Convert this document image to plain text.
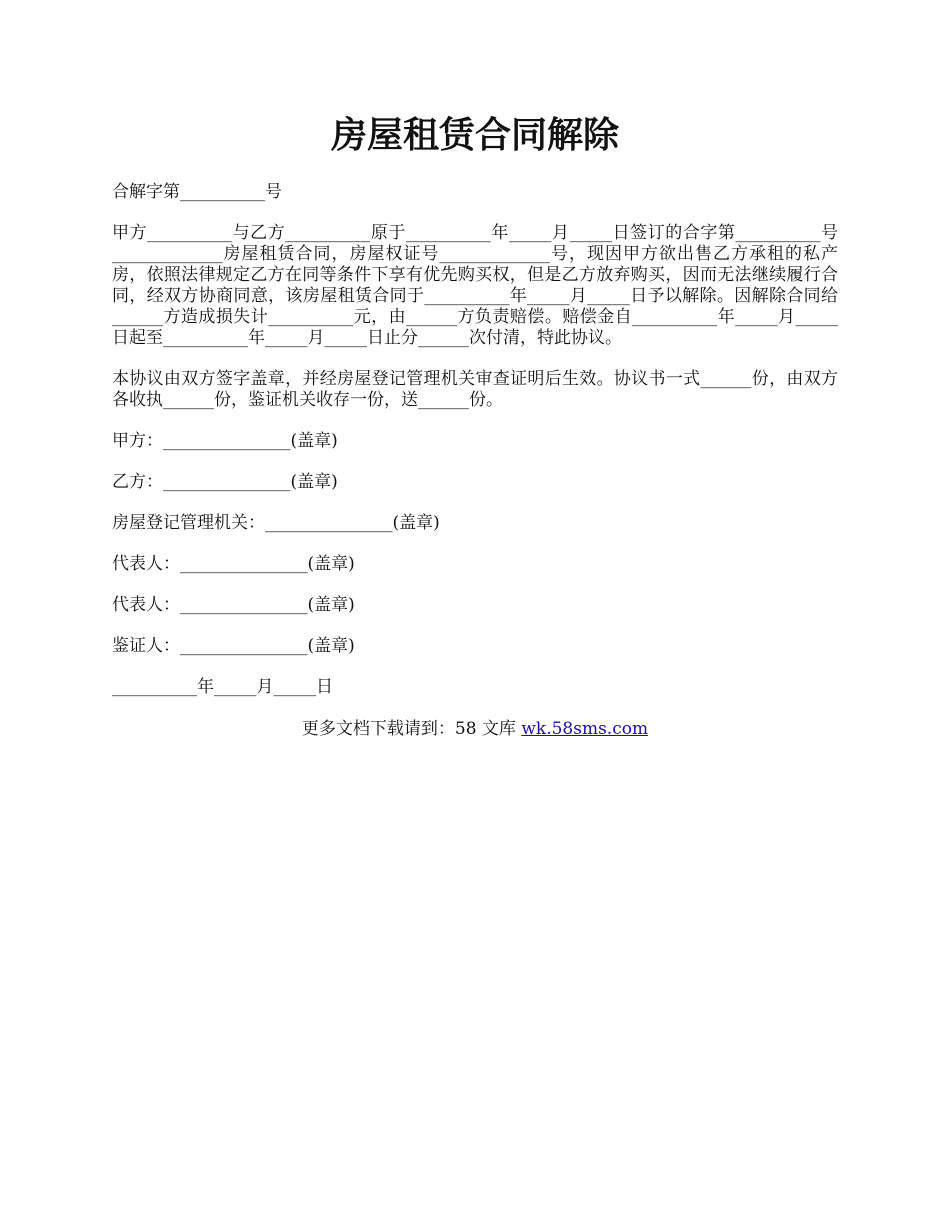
房屋租赁合同解除
合解字第__________号
甲方__________与乙方__________原于__________年_____月_____日签订的合字第__________号_____________房屋租赁合同，房屋权证号_____________号，现因甲方欲出售乙方承租的私产房，依照法律规定乙方在同等条件下享有优先购买权，但是乙方放弃购买，因而无法继续履行合同，经双方协商同意，该房屋租赁合同于__________年_____月_____日予以解除。因解除合同给______方造成损失计__________元，由______方负责赔偿。赔偿金自__________年_____月_____日起至__________年_____月_____日止分______次付清，特此协议。
本协议由双方签字盖章，并经房屋登记管理机关审查证明后生效。协议书一式______份，由双方各收执______份，鉴证机关收存一份，送______份。
甲方：_______________(盖章)
乙方：_______________(盖章)
房屋登记管理机关：_______________(盖章)
代表人：_______________(盖章)
代表人：_______________(盖章)
鉴证人：_______________(盖章)
__________年_____月_____日
更多文档下载请到：58 文库 wk.58sms.com
